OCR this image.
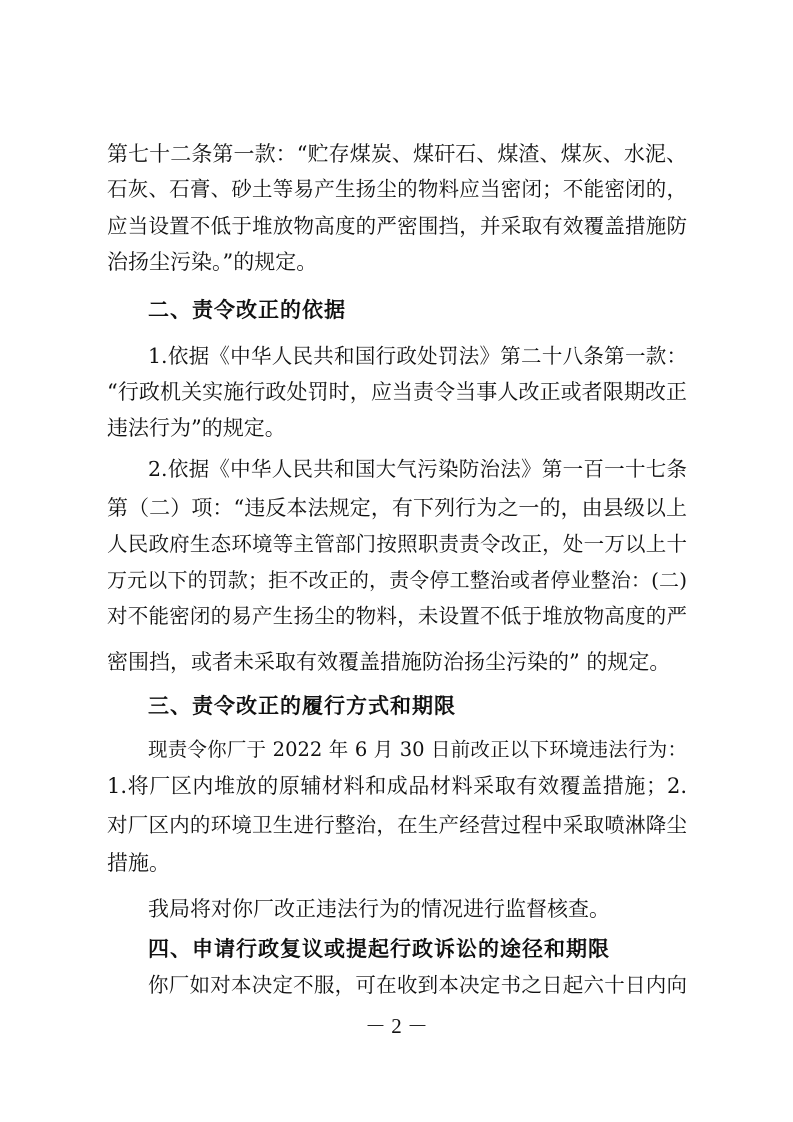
第七十二条第一款：“贮存煤炭、煤矸石、煤渣、煤灰、水泥、
石灰、石膏、砂土等易产生扬尘的物料应当密闭；不能密闭的，
应当设置不低于堆放物高度的严密围挡，并采取有效覆盖措施防
治扬尘污染。”的规定。
二、责令改正的依据
1.依据《中华人民共和国行政处罚法》第二十八条第一款：
“行政机关实施行政处罚时，应当责令当事人改正或者限期改正
违法行为”的规定。
2.依据《中华人民共和国大气污染防治法》第一百一十七条
第（二）项：“违反本法规定，有下列行为之一的，由县级以上
人民政府生态环境等主管部门按照职责责令改正，处一万以上十
万元以下的罚款；拒不改正的，责令停工整治或者停业整治：(二)
对不能密闭的易产生扬尘的物料，未设置不低于堆放物高度的严
密围挡，或者未采取有效覆盖措施防治扬尘污染的” 的规定。
三、责令改正的履行方式和期限
现责令你厂于 2022 年 6 月 30 日前改正以下环境违法行为：
1.将厂区内堆放的原辅材料和成品材料采取有效覆盖措施；2.
对厂区内的环境卫生进行整治，在生产经营过程中采取喷淋降尘
措施。
我局将对你厂改正违法行为的情况进行监督核查。
四、申请行政复议或提起行政诉讼的途径和期限
你厂如对本决定不服，可在收到本决定书之日起六十日内向
－ 2 －
